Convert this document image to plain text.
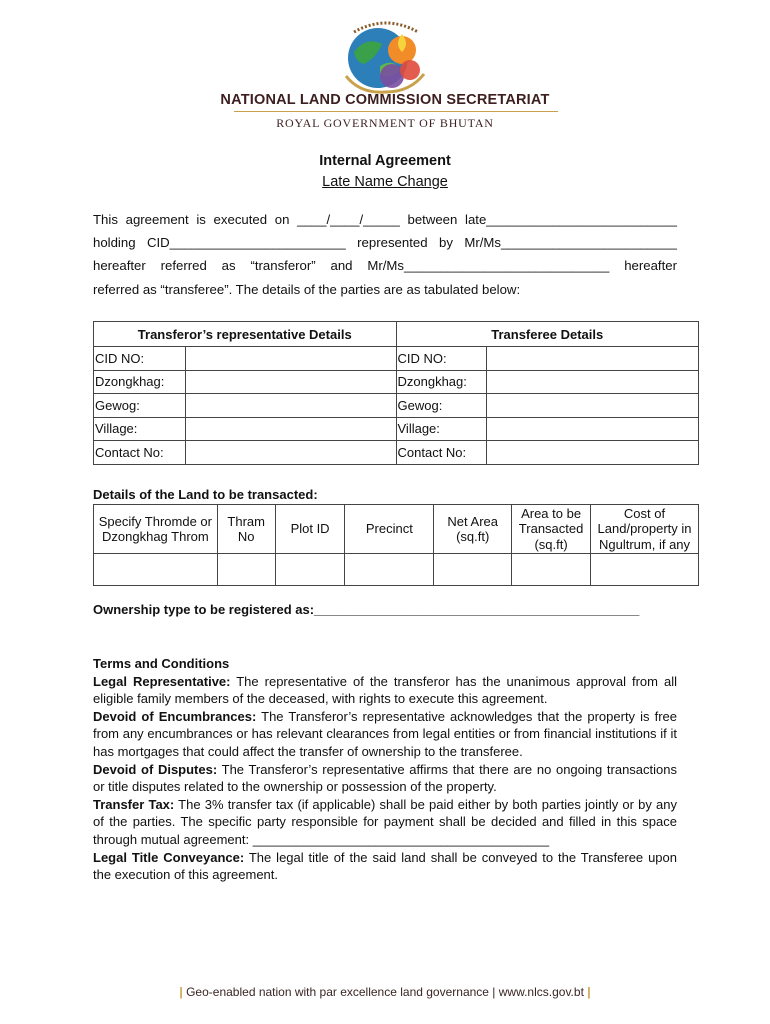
NATIONAL LAND COMMISSION SECRETARIAT
ROYAL GOVERNMENT OF BHUTAN
Internal Agreement
Late Name Change
This agreement is executed on ____/____/_____ between late__________________________
holding CID________________________ represented by Mr/Ms________________________
hereafter referred as “transferor” and Mr/Ms____________________________ hereafter
referred as “transferee”. The details of the parties are as tabulated below:
Transferor’s representative Details		Transferee Details	
CID NO:		CID NO:	
Dzongkhag:		Dzongkhag:	
Gewog:		Gewog:	
Village:		Village:	
Contact No:		Contact No:	
Details of the Land to be transacted:
Specify Thromde or Dzongkhag Throm	Thram No	Plot ID	Precinct	Net Area (sq.ft)	Area to be Transacted (sq.ft)	Cost of Land/property in Ngultrum, if any

Ownership type to be registered as:_____________________________________________

Terms and Conditions

Legal Representative: The representative of the transferor has the unanimous approval from all eligible family members of the deceased, with rights to execute this agreement.

Devoid of Encumbrances: The Transferor’s representative acknowledges that the property is free from any encumbrances or has relevant clearances from legal entities or from financial institutions if it has mortgages that could affect the transfer of ownership to the transferee.

Devoid of Disputes: The Transferor’s representative affirms that there are no ongoing transactions or title disputes related to the ownership or possession of the property.

Transfer Tax: The 3% transfer tax (if applicable) shall be paid either by both parties jointly or by any of the parties. The specific party responsible for payment shall be decided and filled in this space through mutual agreement: _________________________________________

Legal Title Conveyance: The legal title of the said land shall be conveyed to the Transferee upon the execution of this agreement.

| Geo-enabled nation with par excellence land governance | www.nlcs.gov.bt |
